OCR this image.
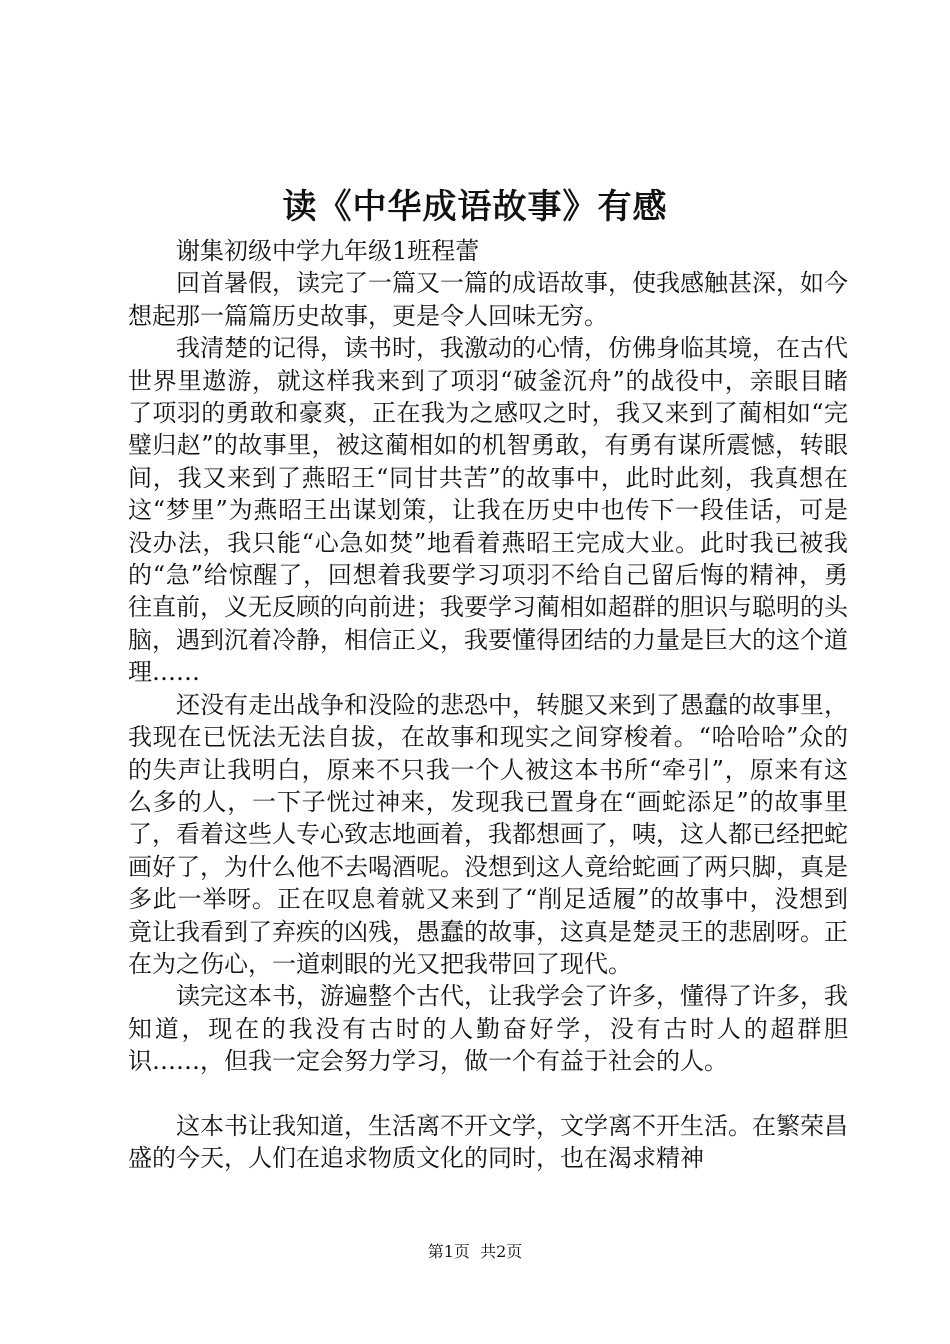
读《中华成语故事》有感

谢集初级中学九年级1班程蕾

回首暑假，读完了一篇又一篇的成语故事，使我感触甚深，如今想起那一篇篇历史故事，更是令人回味无穷。

我清楚的记得，读书时，我激动的心情，仿佛身临其境，在古代世界里遨游，就这样我来到了项羽“破釜沉舟”的战役中，亲眼目睹了项羽的勇敢和豪爽，正在我为之感叹之时，我又来到了蔺相如“完璧归赵”的故事里，被这蔺相如的机智勇敢，有勇有谋所震憾，转眼间，我又来到了燕昭王“同甘共苦”的故事中，此时此刻，我真想在这“梦里”为燕昭王出谋划策，让我在历史中也传下一段佳话，可是没办法，我只能“心急如焚”地看着燕昭王完成大业。此时我已被我的“急”给惊醒了，回想着我要学习项羽不给自己留后悔的精神，勇往直前，义无反顾的向前进；我要学习蔺相如超群的胆识与聪明的头脑，遇到沉着冷静，相信正义，我要懂得团结的力量是巨大的这个道理……

还没有走出战争和没险的悲恐中，转腿又来到了愚蠢的故事里，我现在已怃法无法自拔，在故事和现实之间穿梭着。“哈哈哈”众的的失声让我明白，原来不只我一个人被这本书所“牵引”，原来有这么多的人，一下子恍过神来，发现我已置身在“画蛇添足”的故事里了，看着这些人专心致志地画着，我都想画了，咦，这人都已经把蛇画好了，为什么他不去喝酒呢。没想到这人竟给蛇画了两只脚，真是多此一举呀。正在叹息着就又来到了“削足适履”的故事中，没想到竟让我看到了弃疾的凶残，愚蠢的故事，这真是楚灵王的悲剧呀。正在为之伤心，一道刺眼的光又把我带回了现代。

读完这本书，游遍整个古代，让我学会了许多，懂得了许多，我知道，现在的我没有古时的人勤奋好学，没有古时人的超群胆识……，但我一定会努力学习，做一个有益于社会的人。

这本书让我知道，生活离不开文学，文学离不开生活。在繁荣昌盛的今天，人们在追求物质文化的同时，也在渴求精神

第1页  共2页
